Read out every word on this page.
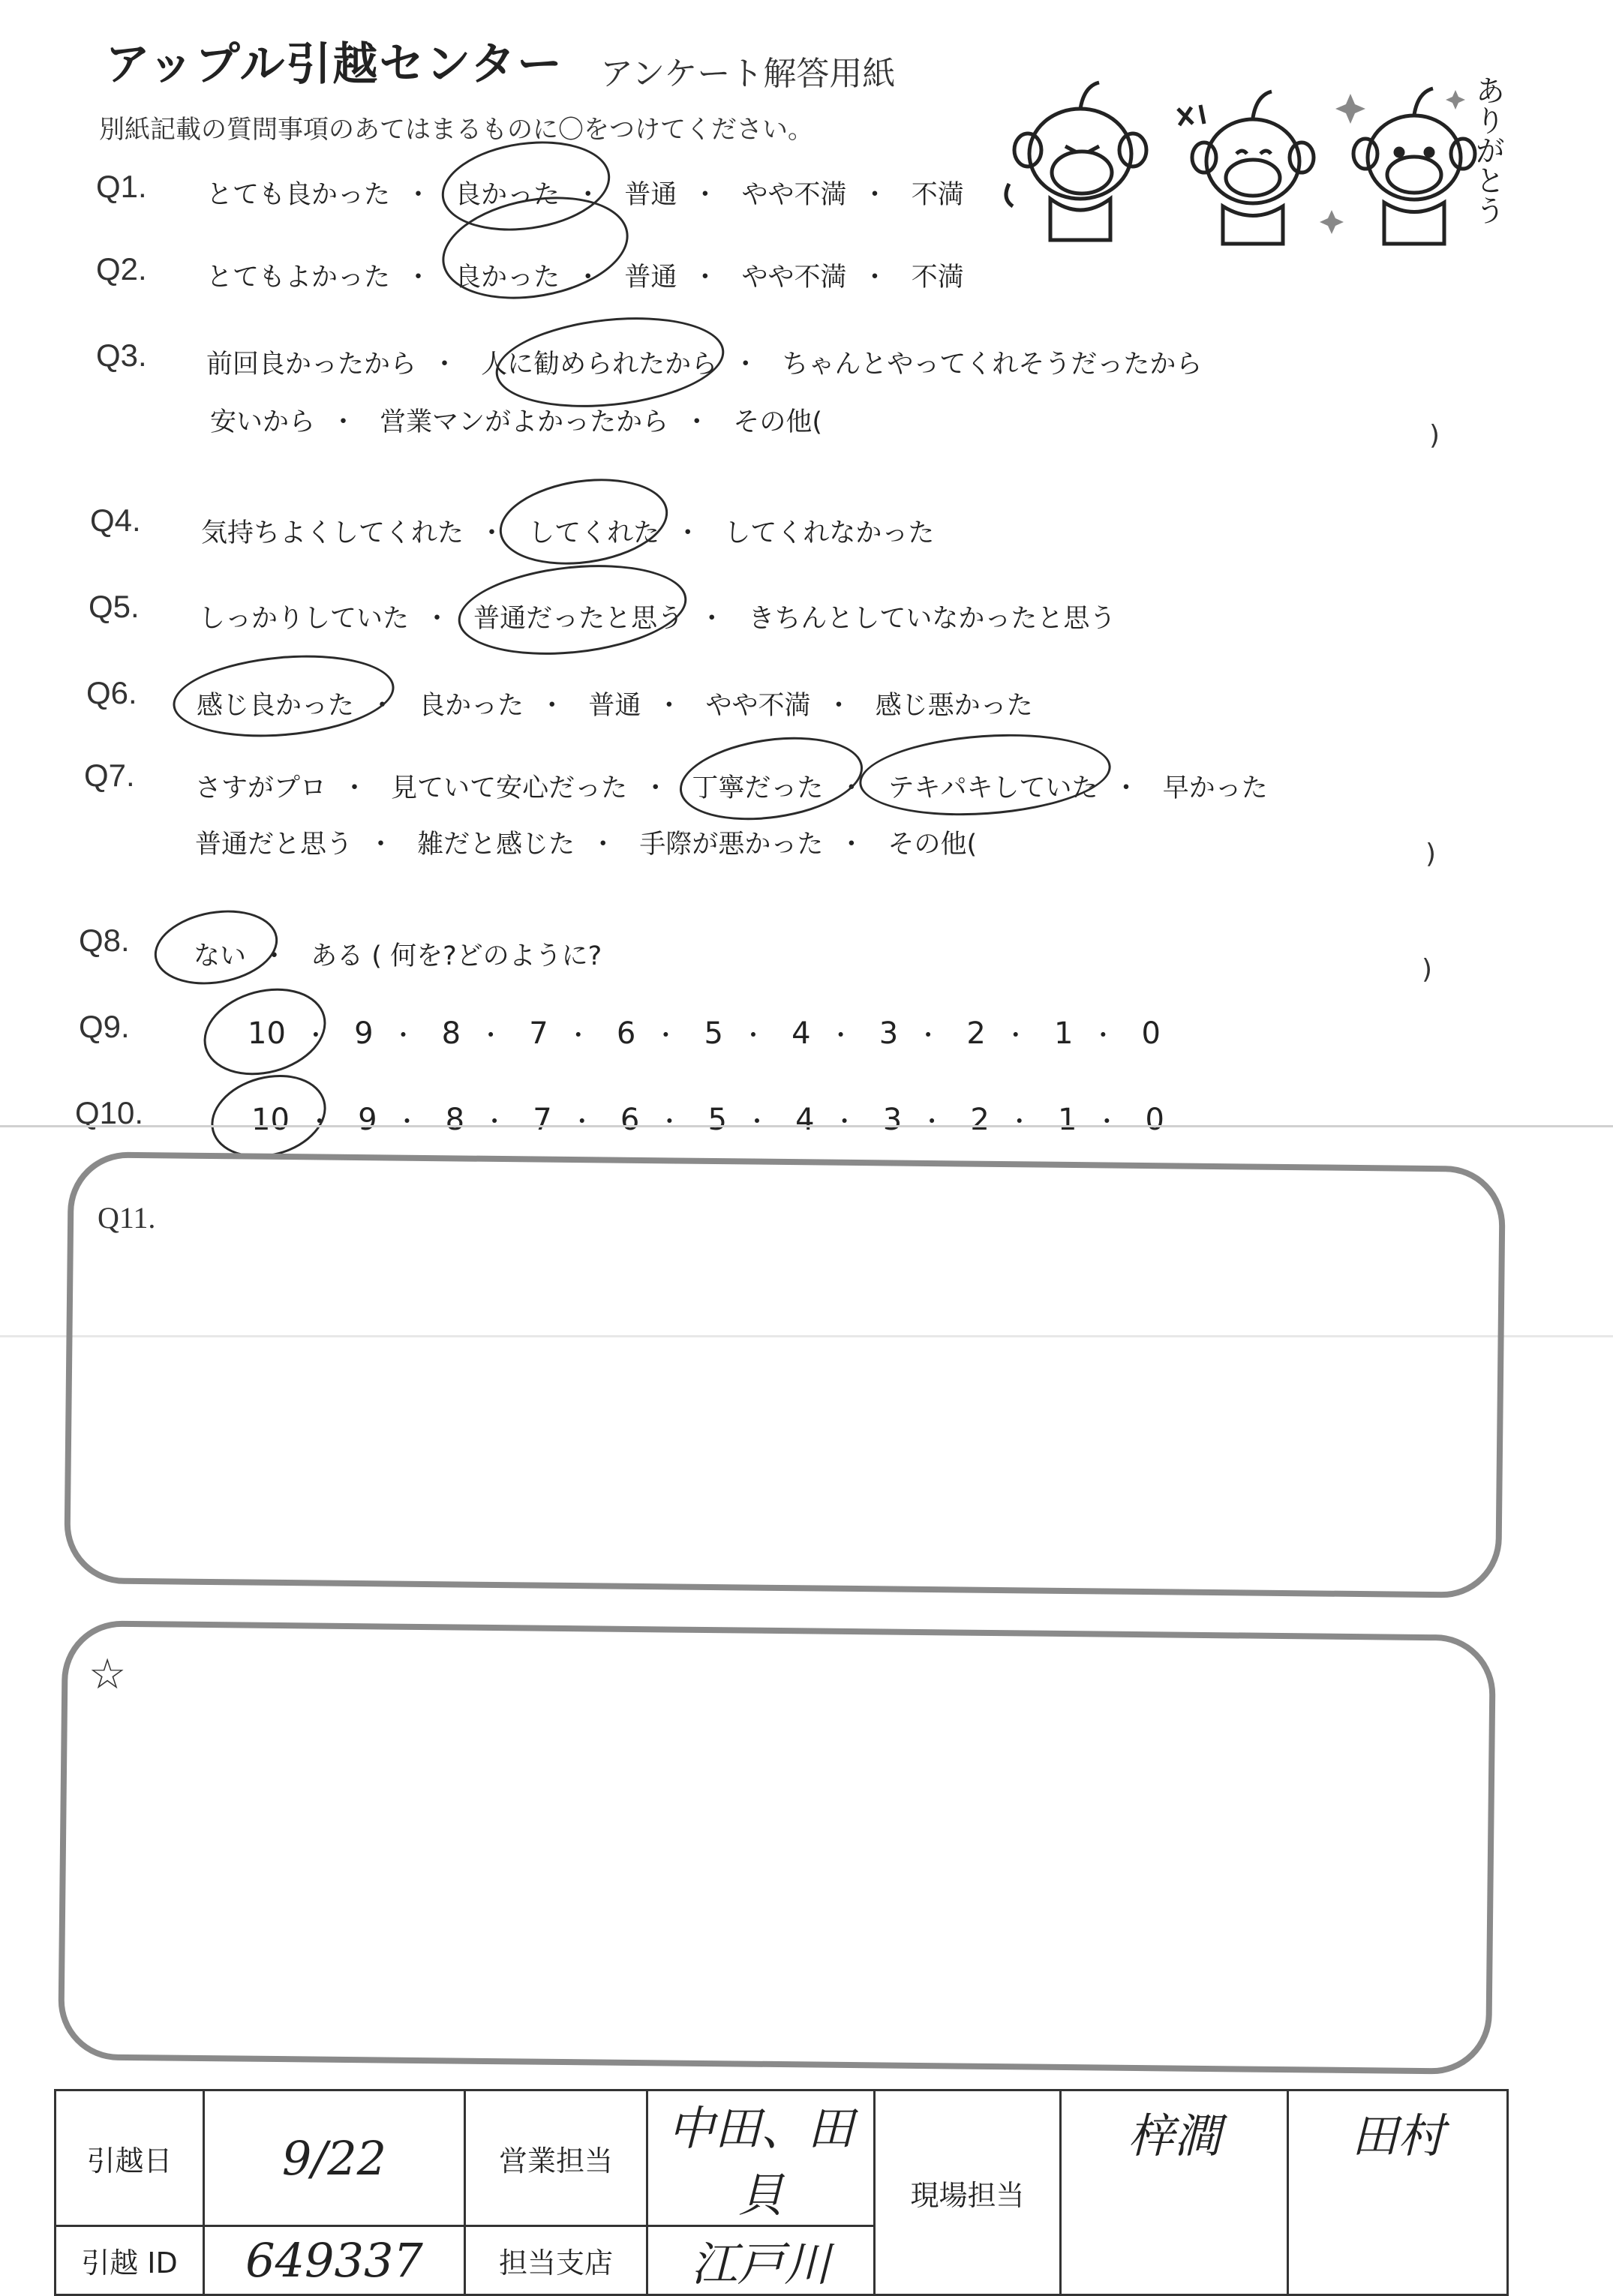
アップル引越センター アンケート解答用紙
別紙記載の質問事項のあてはまるものに〇をつけてください。	ありがとう
Q1. とても良かった ・ 良かった ・ 普通 ・ やや不満 ・ 不満
Q2. とてもよかった ・ 良かった ・ 普通 ・ やや不満 ・ 不満
Q3. 前回良かったから ・ 人に勧められたから ・ ちゃんとやってくれそうだったから
安いから ・ 営業マンがよかったから ・ その他(	)
Q4. 気持ちよくしてくれた ・ してくれた ・ してくれなかった
Q5. しっかりしていた ・ 普通だったと思う ・ きちんとしていなかったと思う
Q6. 感じ良かった ・ 良かった ・ 普通 ・ やや不満 ・ 感じ悪かった
Q7. さすがプロ ・ 見ていて安心だった ・ 丁寧だった ・ テキパキしていた ・ 早かった
普通だと思う ・ 雑だと感じた ・ 手際が悪かった ・ その他(	)
Q8. ない ・ ある ( 何を?どのように?	)
Q9.	10 ・ 9 ・ 8 ・ 7 ・ 6 ・ 5 ・ 4 ・ 3 ・ 2 ・ 1 ・ 0
Q10.	10 ・ 9 ・ 8 ・ 7 ・ 6 ・ 5 ・ 4 ・ 3 ・ 2 ・ 1 ・ 0
Q11.
☆
引越日	9/22	営業担当	中田、田貝	現場担当	梓澗	田村
引越 ID	649337	担当支店	江戸川			
